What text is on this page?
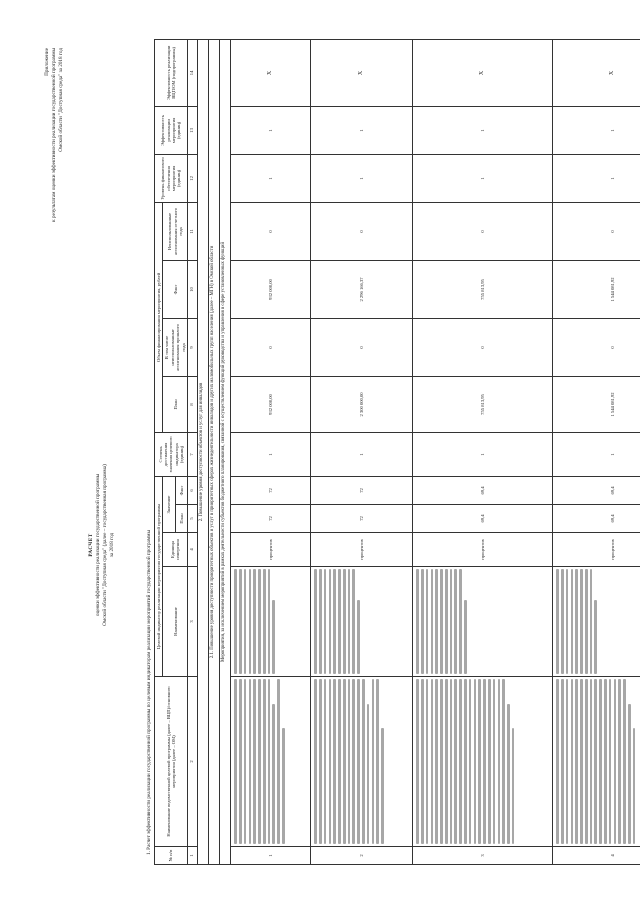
Приложение к результатам оценки эффективности реализации государственной программы Омской области "Доступная среда" за 2018 год
РАСЧЕТ оценки эффективности реализации государственной программы Омской области "Доступная среда" (далее – государственная программа) за 2018 год	1. Расчет эффективности реализации государственной программы по целевым индикаторам реализации мероприятий государственной программы
№ п/п	Наименование ведомственной целевой программы (далее – ВЦП)/основного мероприятия (далее – ОМ)	Целевой индикатор реализации мероприятия государственной программы				Степень достижения значения целевого индикатора (единиц)	Объем финансирования мероприятия, рублей				Уровень финансового обеспечения мероприятия (единиц)	Эффективность реализации мероприятия (единиц)	Эффективность реализации ВЦП/ОМ (подпрограммы)
		Наименование	Единица измерения	Значение			План	В том числе неиспользованные ассигнования прошлого года	Факт	Неиспользованные ассигнования отчетного года			
				План	Факт								
1	2	3	4	5	6	7	8	9	10	11	12	13	14
2. Повышение уровня доступности объектов и услуг для инвалидов													
2.1. Повышение уровня доступности приоритетных объектов и услуг в приоритетных сферах жизнедеятельности инвалидов и других маломобильных групп населения (далее – МГН) в Омской области													
Мероприятия, за исключением мероприятий в рамках деятельности субъектов бюджетного планирования, связанной с осуществлением функций руководства и управления в сфере установленных функций													
1			процентов	72	72	1	932 000,00	0	932 000,00	0	1	1	X
2			процентов	72	72	1	2 300 000,00	0	2 296 166,37	0	1	1	X
3			процентов	69,4	69,4	1	755 813,95	0	755 813,95	0	1	1	X
4			процентов	69,4	69,4	1	1 544 081,92	0	1 544 081,92	0	1	1	X
